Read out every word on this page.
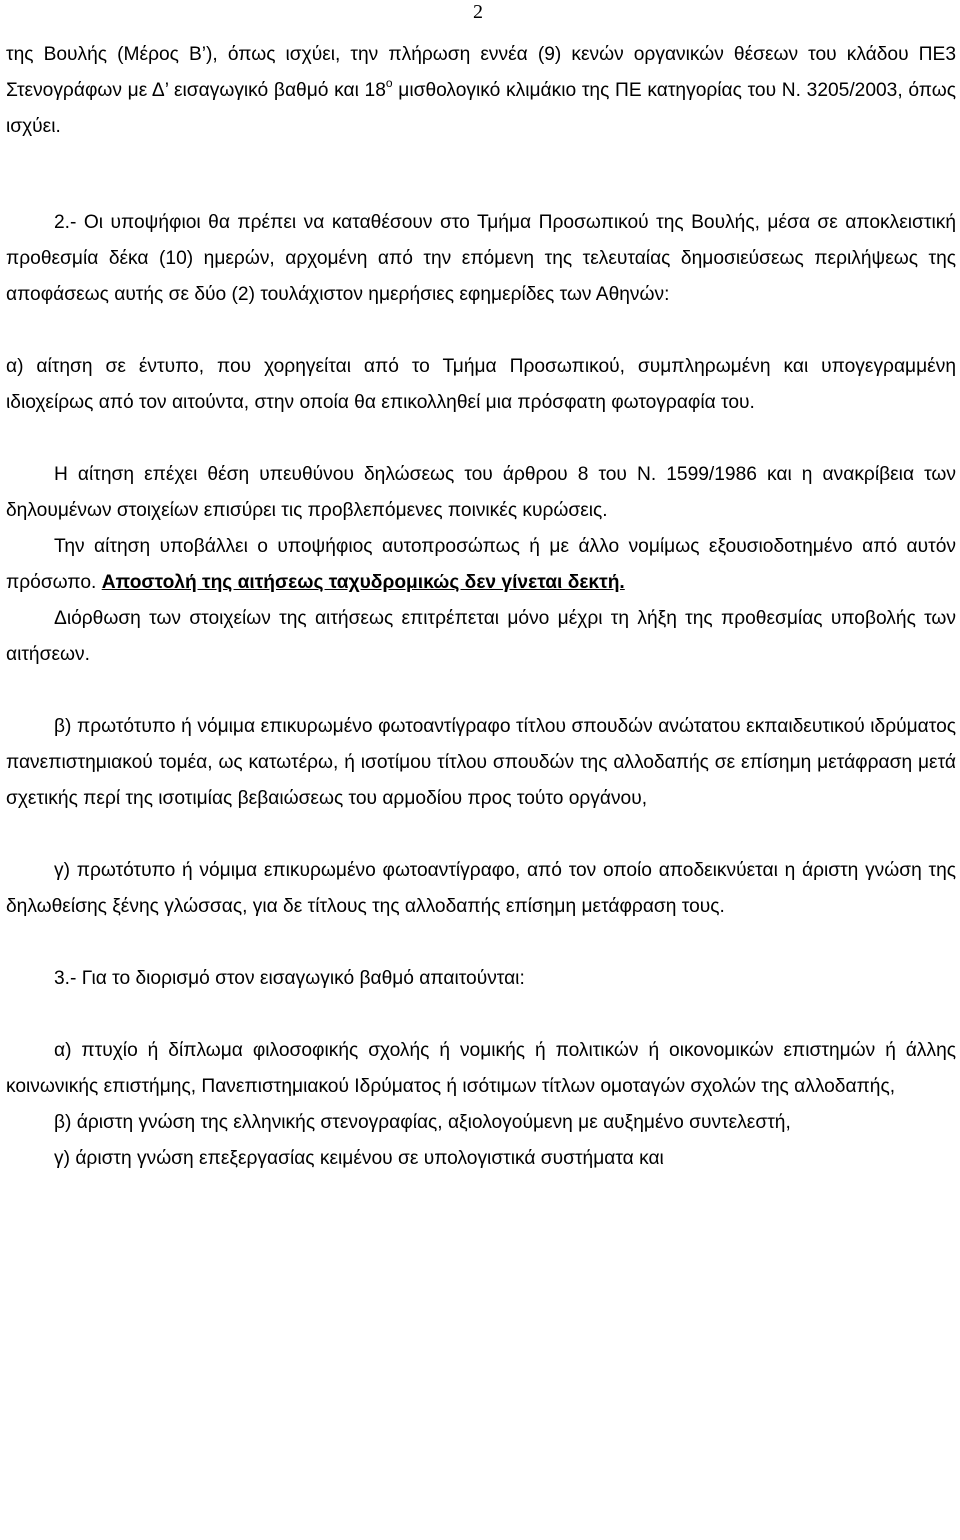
2

της Βουλής (Μέρος Β’), όπως ισχύει, την πλήρωση εννέα (9) κενών οργανικών θέσεων του κλάδου ΠΕ3 Στενογράφων με Δ’ εισαγωγικό βαθμό και $18^o$ μισθολογικό κλιμάκιο της ΠΕ κατηγορίας του Ν. 3205/2003, όπως ισχύει.

2.- Οι υποψήφιοι θα πρέπει να καταθέσουν στο Τμήμα Προσωπικού της Βουλής, μέσα σε αποκλειστική προθεσμία δέκα (10) ημερών, αρχομένη από την επόμενη της τελευταίας δημοσιεύσεως περιλήψεως της αποφάσεως αυτής σε δύο (2) τουλάχιστον ημερήσιες εφημερίδες των Αθηνών:

α) αίτηση σε έντυπο, που χορηγείται από το Τμήμα Προσωπικού, συμπληρωμένη και υπογεγραμμένη ιδιοχείρως από τον αιτούντα, στην οποία θα επικολληθεί μια πρόσφατη φωτογραφία του.

Η αίτηση επέχει θέση υπευθύνου δηλώσεως του άρθρου 8 του Ν. 1599/1986 και η ανακρίβεια των δηλουμένων στοιχείων επισύρει τις προβλεπόμενες ποινικές κυρώσεις.

Την αίτηση υποβάλλει ο υποψήφιος αυτοπροσώπως ή με άλλο νομίμως εξουσιοδοτημένο από αυτόν πρόσωπο. Αποστολή της αιτήσεως ταχυδρομικώς δεν γίνεται δεκτή.

Διόρθωση των στοιχείων της αιτήσεως επιτρέπεται μόνο μέχρι τη λήξη της προθεσμίας υποβολής των αιτήσεων.

β) πρωτότυπο ή νόμιμα επικυρωμένο φωτοαντίγραφο τίτλου σπουδών ανώτατου εκπαιδευτικού ιδρύματος πανεπιστημιακού τομέα, ως κατωτέρω, ή ισοτίμου τίτλου σπουδών της αλλοδαπής σε επίσημη μετάφραση μετά σχετικής περί της ισοτιμίας βεβαιώσεως του αρμοδίου προς τούτο οργάνου,

γ) πρωτότυπο ή νόμιμα επικυρωμένο φωτοαντίγραφο, από τον οποίο αποδεικνύεται η άριστη γνώση της δηλωθείσης ξένης γλώσσας, για δε τίτλους της αλλοδαπής επίσημη μετάφραση τους.

3.- Για το διορισμό στον εισαγωγικό βαθμό απαιτούνται:

α) πτυχίο ή δίπλωμα φιλοσοφικής σχολής ή νομικής ή πολιτικών ή οικονομικών επιστημών ή άλλης κοινωνικής επιστήμης, Πανεπιστημιακού Ιδρύματος ή ισότιμων τίτλων ομοταγών σχολών της αλλοδαπής,

β) άριστη γνώση της ελληνικής στενογραφίας, αξιολογούμενη με αυξημένο συντελεστή,

γ) άριστη γνώση επεξεργασίας κειμένου σε υπολογιστικά συστήματα και
